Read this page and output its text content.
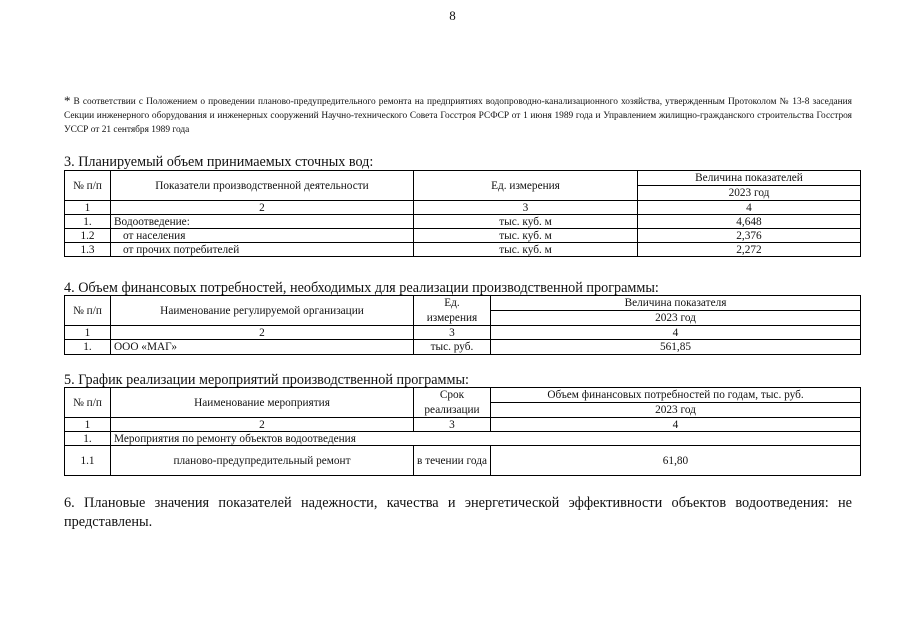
8
* В соответствии с Положением о проведении планово-предупредительного ремонта на предприятиях водопроводно-канализационного хозяйства, утвержденным Протоколом № 13-8 заседания Секции инженерного оборудования и инженерных сооружений Научно-технического Совета Госстроя РСФСР от 1 июня 1989 года и Управлением жилищно-гражданского строительства Госстроя УССР от 21 сентября 1989 года
3. Планируемый объем принимаемых сточных вод:
№ п/п	Показатели производственной деятельности	Ед. измерения	Величина показателей
			2023 год
1	2	3	4
1.	Водоотведение:	тыс. куб. м	4,648
1.2	от населения	тыс. куб. м	2,376
1.3	от прочих потребителей	тыс. куб. м	2,272
4. Объем финансовых потребностей, необходимых для реализации производственной программы:
№ п/п	Наименование регулируемой организации	Ед.	Величина показателя
		измерения	2023 год
1	2	3	4
1.	ООО «МАГ»	тыс. руб.	561,85
5. График реализации мероприятий производственной программы:
№ п/п	Наименование мероприятия	Срок	Объем финансовых потребностей по годам, тыс. руб.
		реализации	2023 год
1	2	3	4
1.	Мероприятия по ремонту объектов водоотведения		
1.1	планово-предупредительный ремонт	в течении года	61,80
6. Плановые значения показателей надежности, качества и энергетической эффективности объектов водоотведения: не представлены.
